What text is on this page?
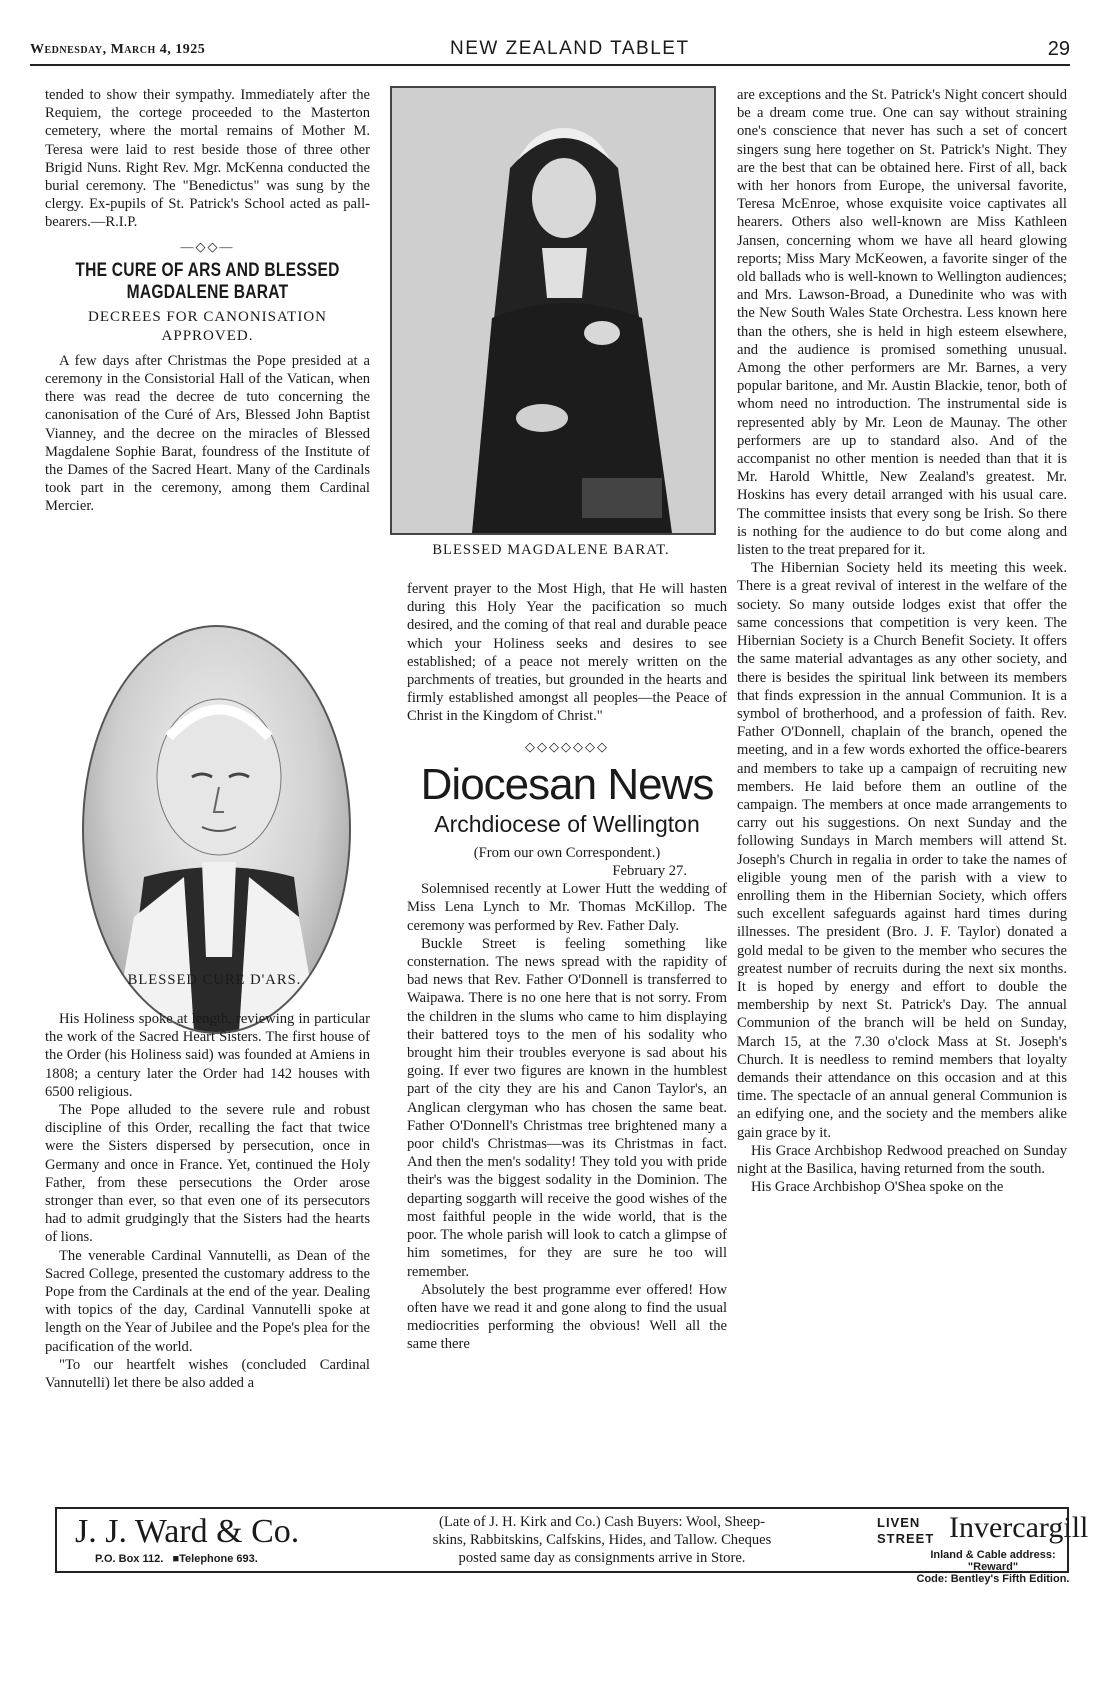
Wednesday, March 4, 1925	NEW ZEALAND TABLET	29

tended to show their sympathy. Immediately after the Requiem, the cortege proceeded to the Masterton cemetery, where the mortal remains of Mother M. Teresa were laid to rest beside those of three other Brigid Nuns. Right Rev. Mgr. McKenna conducted the burial ceremony. The "Benedictus" was sung by the clergy. Ex-pupils of St. Patrick's School acted as pall-bearers.—R.I.P.

—◇◇—
THE CURE OF ARS AND BLESSED
MAGDALENE BARAT
DECREES FOR CANONISATION APPROVED.

A few days after Christmas the Pope presided at a ceremony in the Consistorial Hall of the Vatican, when there was read the decree de tuto concerning the canonisation of the Curé of Ars, Blessed John Baptist Vianney, and the decree on the miracles of Blessed Magdalene Sophie Barat, foundress of the Institute of the Dames of the Sacred Heart. Many of the Cardinals took part in the ceremony, among them Cardinal Mercier.

BLESSED CURE D'ARS.

His Holiness spoke at length, reviewing in particular the work of the Sacred Heart Sisters. The first house of the Order (his Holiness said) was founded at Amiens in 1808; a century later the Order had 142 houses with 6500 religious.

The Pope alluded to the severe rule and robust discipline of this Order, recalling the fact that twice were the Sisters dispersed by persecution, once in Germany and once in France. Yet, continued the Holy Father, from these persecutions the Order arose stronger than ever, so that even one of its persecutors had to admit grudgingly that the Sisters had the hearts of lions.

The venerable Cardinal Vannutelli, as Dean of the Sacred College, presented the customary address to the Pope from the Cardinals at the end of the year. Dealing with topics of the day, Cardinal Vannutelli spoke at length on the Year of Jubilee and the Pope's plea for the pacification of the world.

"To our heartfelt wishes (concluded Cardinal Vannutelli) let there be also added a

BLESSED MAGDALENE BARAT.

fervent prayer to the Most High, that He will hasten during this Holy Year the pacification so much desired, and the coming of that real and durable peace which your Holiness seeks and desires to see established; of a peace not merely written on the parchments of treaties, but grounded in the hearts and firmly established amongst all peoples—the Peace of Christ in the Kingdom of Christ."

◇◇◇◇◇◇◇
Diocesan News
Archdiocese of Wellington
(From our own Correspondent.)
February 27.

Solemnised recently at Lower Hutt the wedding of Miss Lena Lynch to Mr. Thomas McKillop. The ceremony was performed by Rev. Father Daly.

Buckle Street is feeling something like consternation. The news spread with the rapidity of bad news that Rev. Father O'Donnell is transferred to Waipawa. There is no one here that is not sorry. From the children in the slums who came to him displaying their battered toys to the men of his sodality who brought him their troubles everyone is sad about his going. If ever two figures are known in the humblest part of the city they are his and Canon Taylor's, an Anglican clergyman who has chosen the same beat. Father O'Donnell's Christmas tree brightened many a poor child's Christmas—was its Christmas in fact. And then the men's sodality! They told you with pride their's was the biggest sodality in the Dominion. The departing soggarth will receive the good wishes of the most faithful people in the wide world, that is the poor. The whole parish will look to catch a glimpse of him sometimes, for they are sure he too will remember.

Absolutely the best programme ever offered! How often have we read it and gone along to find the usual mediocrities performing the obvious! Well all the same there

are exceptions and the St. Patrick's Night concert should be a dream come true. One can say without straining one's conscience that never has such a set of concert singers sung here together on St. Patrick's Night. They are the best that can be obtained here. First of all, back with her honors from Europe, the universal favorite, Teresa McEnroe, whose exquisite voice captivates all hearers. Others also well-known are Miss Kathleen Jansen, concerning whom we have all heard glowing reports; Miss Mary McKeowen, a favorite singer of the old ballads who is well-known to Wellington audiences; and Mrs. Lawson-Broad, a Dunedinite who was with the New South Wales State Orchestra. Less known here than the others, she is held in high esteem elsewhere, and the audience is promised something unusual. Among the other performers are Mr. Barnes, a very popular baritone, and Mr. Austin Blackie, tenor, both of whom need no introduction. The instrumental side is represented ably by Mr. Leon de Maunay. The other performers are up to standard also. And of the accompanist no other mention is needed than that it is Mr. Harold Whittle, New Zealand's greatest. Mr. Hoskins has every detail arranged with his usual care. The committee insists that every song be Irish. So there is nothing for the audience to do but come along and listen to the treat prepared for it.

The Hibernian Society held its meeting this week. There is a great revival of interest in the welfare of the society. So many outside lodges exist that offer the same concessions that competition is very keen. The Hibernian Society is a Church Benefit Society. It offers the same material advantages as any other society, and there is besides the spiritual link between its members that finds expression in the annual Communion. It is a symbol of brotherhood, and a profession of faith. Rev. Father O'Donnell, chaplain of the branch, opened the meeting, and in a few words exhorted the office-bearers and members to take up a campaign of recruiting new members. He laid before them an outline of the campaign. The members at once made arrangements to carry out his suggestions. On next Sunday and the following Sundays in March members will attend St. Joseph's Church in regalia in order to take the names of eligible young men of the parish with a view to enrolling them in the Hibernian Society, which offers such excellent safeguards against hard times during illnesses. The president (Bro. J. F. Taylor) donated a gold medal to be given to the member who secures the greatest number of recruits during the next six months. It is hoped by energy and effort to double the membership by next St. Patrick's Day. The annual Communion of the branch will be held on Sunday, March 15, at the 7.30 o'clock Mass at St. Joseph's Church. It is needless to remind members that loyalty demands their attendance on this occasion and at this time. The spectacle of an annual general Communion is an edifying one, and the society and the members alike gain grace by it.

His Grace Archbishop Redwood preached on Sunday night at the Basilica, having returned from the south.

His Grace Archbishop O'Shea spoke on the

J. J. Ward & Co.
P.O. Box 112. ■Telephone 693.
(Late of J. H. Kirk and Co.) Cash Buyers: Wool, Sheep-
skins, Rabbitskins, Calfskins, Hides, and Tallow. Cheques
posted same day as consignments arrive in Store.
LIVEN
STREET Invercargill
Inland & Cable address: "Reward"
Code: Bentley's Fifth Edition.
